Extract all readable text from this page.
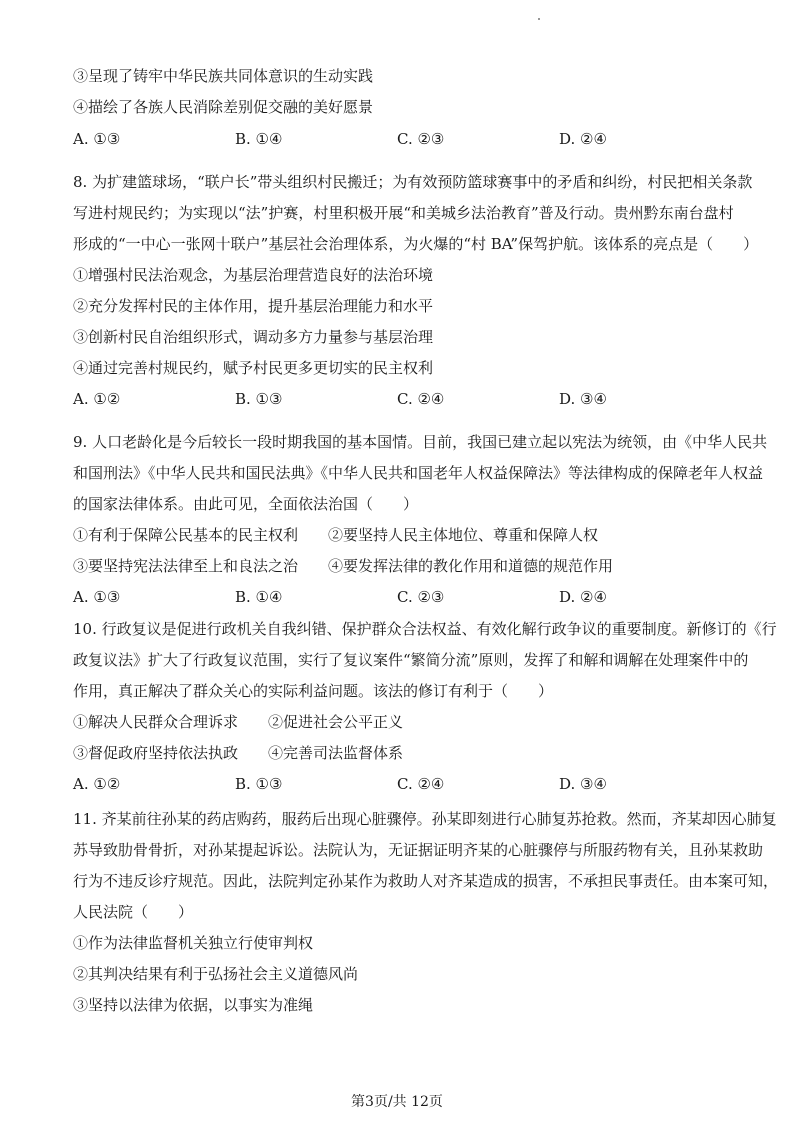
③呈现了铸牢中华民族共同体意识的生动实践
④描绘了各族人民消除差别促交融的美好愿景
A. ①③	B. ①④	C. ②③	D. ②④
8. 为扩建篮球场，“联户长”带头组织村民搬迁；为有效预防篮球赛事中的矛盾和纠纷，村民把相关条款
写进村规民约；为实现以“法”护赛，村里积极开展“和美城乡法治教育”普及行动。贵州黔东南台盘村
形成的“一中心一张网十联户”基层社会治理体系，为火爆的“村 BA”保驾护航。该体系的亮点是（　　）
①增强村民法治观念，为基层治理营造良好的法治环境
②充分发挥村民的主体作用，提升基层治理能力和水平
③创新村民自治组织形式，调动多方力量参与基层治理
④通过完善村规民约，赋予村民更多更切实的民主权利
A. ①②	B. ①③	C. ②④	D. ③④
9. 人口老龄化是今后较长一段时期我国的基本国情。目前，我国已建立起以宪法为统领，由《中华人民共
和国刑法》《中华人民共和国民法典》《中华人民共和国老年人权益保障法》等法律构成的保障老年人权益
的国家法律体系。由此可见，全面依法治国（　　）
①有利于保障公民基本的民主权利　　②要坚持人民主体地位、尊重和保障人权
③要坚持宪法法律至上和良法之治　　④要发挥法律的教化作用和道德的规范作用
A. ①③	B. ①④	C. ②③	D. ②④
10. 行政复议是促进行政机关自我纠错、保护群众合法权益、有效化解行政争议的重要制度。新修订的《行
政复议法》扩大了行政复议范围，实行了复议案件“繁简分流”原则，发挥了和解和调解在处理案件中的
作用，真正解决了群众关心的实际利益问题。该法的修订有利于（　　）
①解决人民群众合理诉求　　②促进社会公平正义
③督促政府坚持依法执政　　④完善司法监督体系
A. ①②	B. ①③	C. ②④	D. ③④
11. 齐某前往孙某的药店购药，服药后出现心脏骤停。孙某即刻进行心肺复苏抢救。然而，齐某却因心肺复
苏导致肋骨骨折，对孙某提起诉讼。法院认为，无证据证明齐某的心脏骤停与所服药物有关，且孙某救助
行为不违反诊疗规范。因此，法院判定孙某作为救助人对齐某造成的损害，不承担民事责任。由本案可知，
人民法院（　　）
①作为法律监督机关独立行使审判权
②其判决结果有利于弘扬社会主义道德风尚
③坚持以法律为依据，以事实为准绳
第3页/共 12页
